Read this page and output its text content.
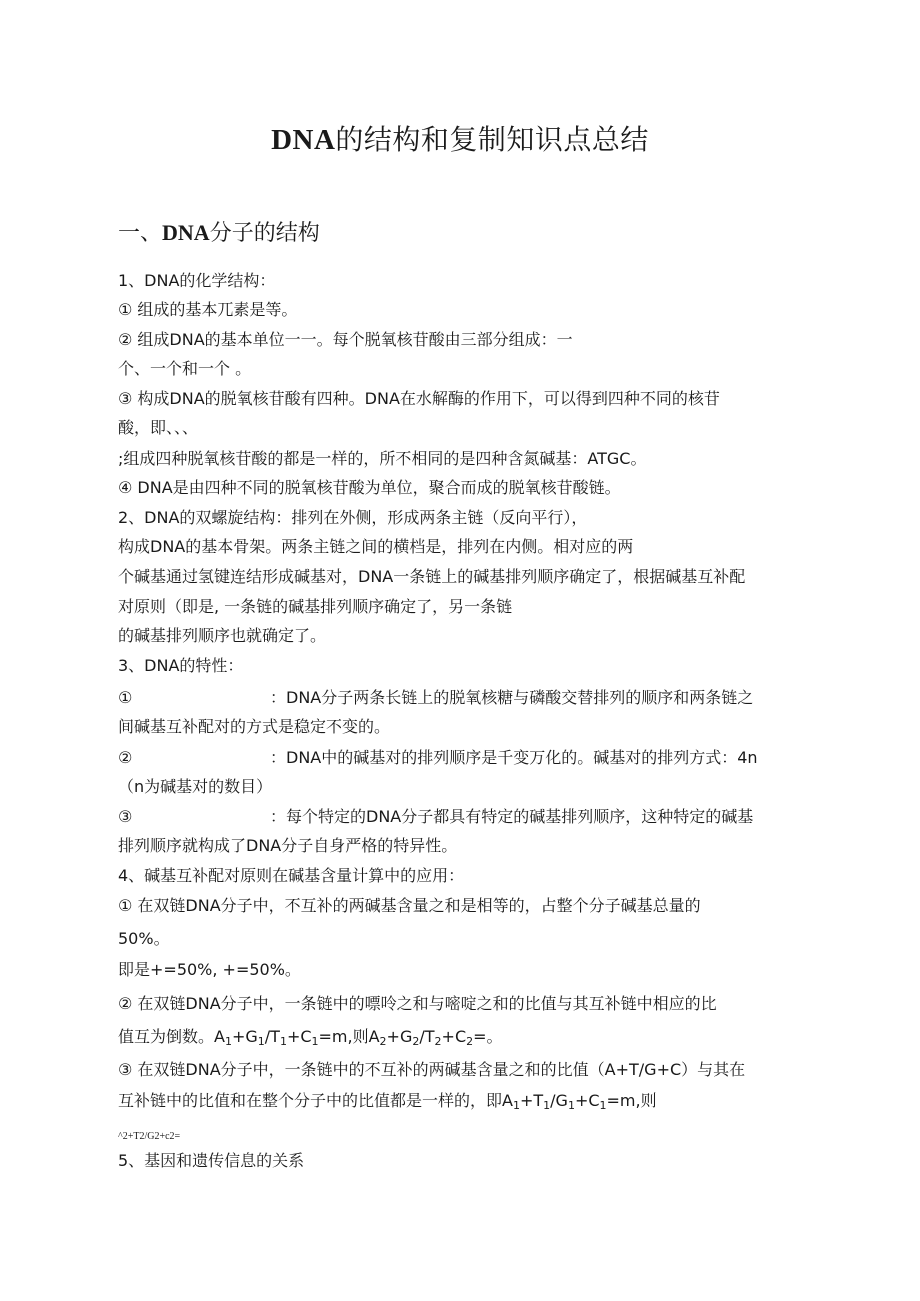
DNA的结构和复制知识点总结
一、DNA分子的结构
1、DNA的化学结构：
① 组成的基本兀素是等。
② 组成DNA的基本单位一一。每个脱氧核苷酸由三部分组成：一
个、一个和一个 。
③ 构成DNA的脱氧核苷酸有四种。DNA在水解酶的作用下，可以得到四种不同的核苷
酸，即、、、
;组成四种脱氧核苷酸的都是一样的，所不相同的是四种含氮碱基：ATGC。
④ DNA是由四种不同的脱氧核苷酸为单位，聚合而成的脱氧核苷酸链。
2、DNA的双螺旋结构：排列在外侧，形成两条主链（反向平行），
构成DNA的基本骨架。两条主链之间的横档是，排列在内侧。相对应的两
个碱基通过氢键连结形成碱基对，DNA一条链上的碱基排列顺序确定了，根据碱基互补配
对原则（即是, 一条链的碱基排列顺序确定了，另一条链
的碱基排列顺序也就确定了。
3、DNA的特性：
①	：DNA分子两条长链上的脱氧核糖与磷酸交替排列的顺序和两条链之
间碱基互补配对的方式是稳定不变的。
②	：DNA中的碱基对的排列顺序是千变万化的。碱基对的排列方式：4n
（n为碱基对的数目）
③	：每个特定的DNA分子都具有特定的碱基排列顺序，这种特定的碱基
排列顺序就构成了DNA分子自身严格的特异性。
4、碱基互补配对原则在碱基含量计算中的应用：
① 在双链DNA分子中，不互补的两碱基含量之和是相等的，占整个分子碱基总量的
50%。
即是+=50%, +=50%。
② 在双链DNA分子中，一条链中的嘌呤之和与嘧啶之和的比值与其互补链中相应的比
值互为倒数。$A_1+G_1/T_1+C_1=m$,则$A_2+G_2/T_2+C_2=$。
③ 在双链DNA分子中，一条链中的不互补的两碱基含量之和的比值（A+T/G+C）与其在
互补链中的比值和在整个分子中的比值都是一样的，即$A_1+T_1/G_1+C_1=m$,则
^2+T2/G2+c2=
5、基因和遗传信息的关系
